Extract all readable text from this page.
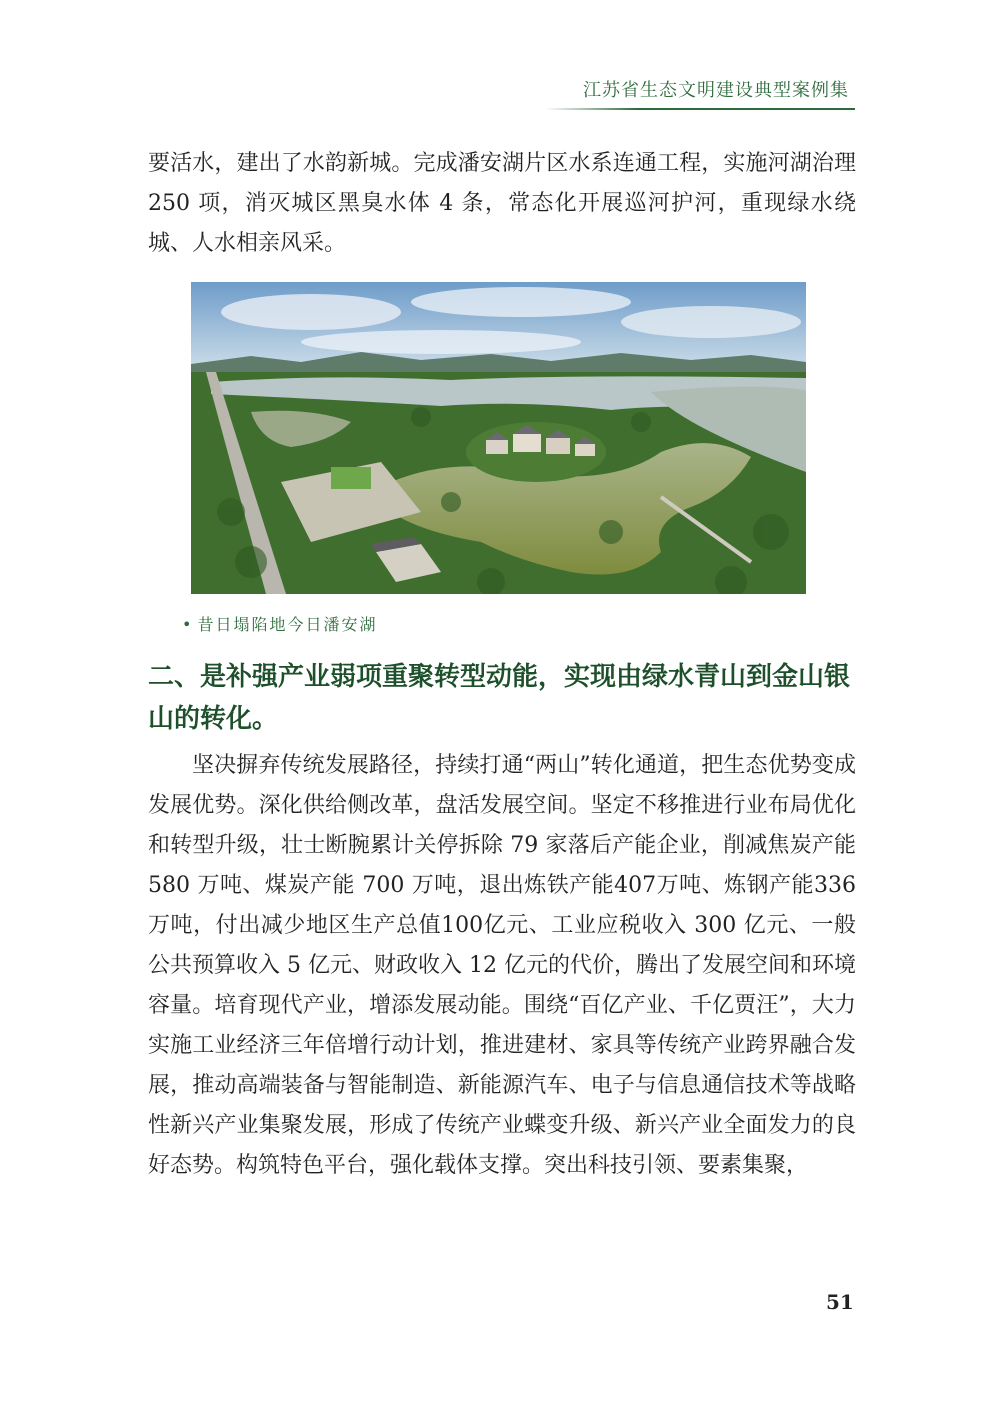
江苏省生态文明建设典型案例集

要活水，建出了水韵新城。完成潘安湖片区水系连通工程，实施河湖治理 250 项，消灭城区黑臭水体 4 条，常态化开展巡河护河，重现绿水绕城、人水相亲风采。

• 昔日塌陷地今日潘安湖
二、是补强产业弱项重聚转型动能，实现由绿水青山到金山银山的转化。

坚决摒弃传统发展路径，持续打通“两山”转化通道，把生态优势变成发展优势。深化供给侧改革，盘活发展空间。坚定不移推进行业布局优化和转型升级，壮士断腕累计关停拆除 79 家落后产能企业，削减焦炭产能 580 万吨、煤炭产能 700 万吨，退出炼铁产能407万吨、炼钢产能336万吨，付出减少地区生产总值100亿元、工业应税收入 300 亿元、一般公共预算收入 5 亿元、财政收入 12 亿元的代价，腾出了发展空间和环境容量。培育现代产业，增添发展动能。围绕“百亿产业、千亿贾汪”，大力实施工业经济三年倍增行动计划，推进建材、家具等传统产业跨界融合发展，推动高端装备与智能制造、新能源汽车、电子与信息通信技术等战略性新兴产业集聚发展，形成了传统产业蝶变升级、新兴产业全面发力的良好态势。构筑特色平台，强化载体支撑。突出科技引领、要素集聚，

51
